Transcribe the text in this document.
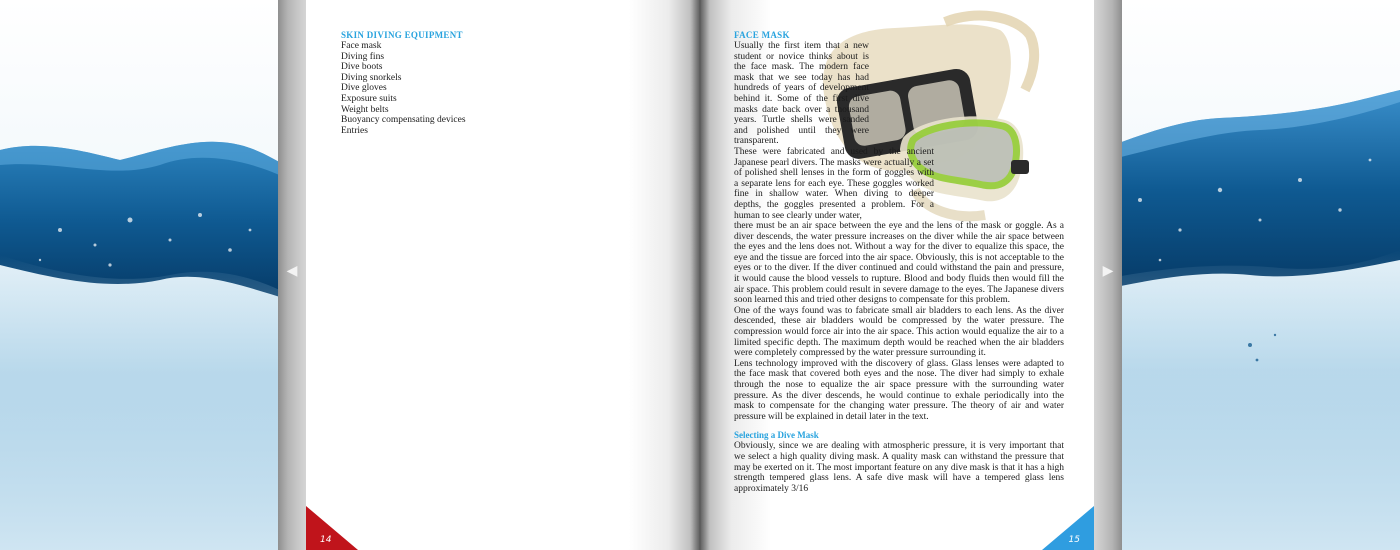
◀
SKIN DIVING EQUIPMENT
Face mask
Diving fins
Dive boots
Diving snorkels
Dive gloves
Exposure suits
Weight belts
Buoyancy compensating devices
Entries
14
FACE MASK

Usually the first item that a new student or novice thinks about is the face mask. The modern face mask that we see today has had hundreds of years of development behind it. Some of the first dive masks date back over a thousand years. Turtle shells were sanded and polished until they were transparent.

These were fabricated and used by the ancient Japanese pearl divers. The masks were actually a set of polished shell lenses in the form of goggles with a separate lens for each eye. These goggles worked fine in shallow water. When diving to deeper depths, the goggles presented a problem. For a human to see clearly under water,

there must be an air space between the eye and the lens of the mask or goggle. As a diver descends, the water pressure increases on the diver while the air space between the eyes and the lens does not. Without a way for the diver to equalize this space, the eye and the tissue are forced into the air space. Obviously, this is not acceptable to the eyes or to the diver. If the diver continued and could withstand the pain and pressure, it would cause the blood vessels to rupture. Blood and body fluids then would fill the air space. This problem could result in severe damage to the eyes. The Japanese divers soon learned this and tried other designs to compensate for this problem.

One of the ways found was to fabricate small air bladders to each lens. As the diver descended, these air bladders would be compressed by the water pressure. The compression would force air into the air space. This action would equalize the air to a limited specific depth. The maximum depth would be reached when the air bladders were completely compressed by the water pressure surrounding it.

Lens technology improved with the discovery of glass. Glass lenses were adapted to the face mask that covered both eyes and the nose. The diver had simply to exhale through the nose to equalize the air space pressure with the surrounding water pressure. As the diver descends, he would continue to exhale periodically into the mask to compensate for the changing water pressure. The theory of air and water pressure will be explained in detail later in the text.

Selecting a Dive Mask

Obviously, since we are dealing with atmospheric pressure, it is very important that we select a high quality diving mask. A quality mask can withstand the pressure that may be exerted on it. The most important feature on any dive mask is that it has a high strength tempered glass lens. A safe dive mask will have a tempered glass lens approximately 3/16

15
▶
